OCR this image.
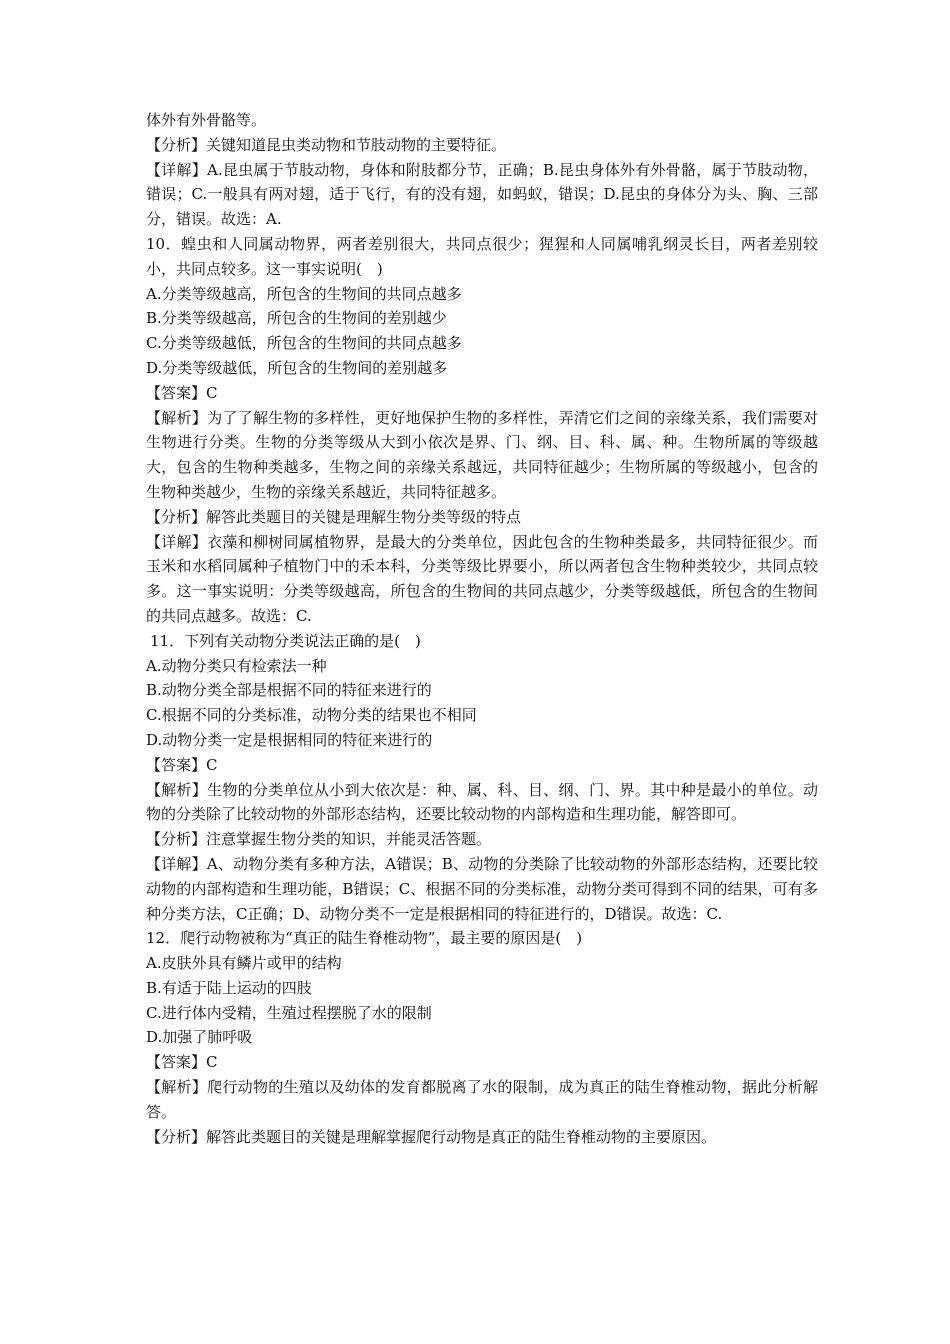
体外有外骨骼等。

【分析】关键知道昆虫类动物和节肢动物的主要特征。

【详解】A.昆虫属于节肢动物，身体和附肢都分节，正确；B.昆虫身体外有外骨骼，属于节肢动物，错误；C.一般具有两对翅，适于飞行，有的没有翅，如蚂蚁，错误；D.昆虫的身体分为头、胸、三部分，错误。故选：A.

10．蝗虫和人同属动物界，两者差别很大，共同点很少；猩猩和人同属哺乳纲灵长目，两者差别较小，共同点较多。这一事实说明(　)

A.分类等级越高，所包含的生物间的共同点越多

B.分类等级越高，所包含的生物间的差别越少

C.分类等级越低，所包含的生物间的共同点越多

D.分类等级越低，所包含的生物间的差别越多

【答案】C

【解析】为了了解生物的多样性，更好地保护生物的多样性，弄清它们之间的亲缘关系，我们需要对生物进行分类。生物的分类等级从大到小依次是界、门、纲、目、科、属、种。生物所属的等级越大，包含的生物种类越多，生物之间的亲缘关系越远，共同特征越少；生物所属的等级越小，包含的生物种类越少，生物的亲缘关系越近，共同特征越多。

【分析】解答此类题目的关键是理解生物分类等级的特点

【详解】衣藻和柳树同属植物界，是最大的分类单位，因此包含的生物种类最多，共同特征很少。而玉米和水稻同属种子植物门中的禾本科，分类等级比界要小，所以两者包含生物种类较少，共同点较多。这一事实说明：分类等级越高，所包含的生物间的共同点越少，分类等级越低，所包含的生物间的共同点越多。故选：C.

11．下列有关动物分类说法正确的是(　)

A.动物分类只有检索法一种

B.动物分类全部是根据不同的特征来进行的

C.根据不同的分类标准，动物分类的结果也不相同

D.动物分类一定是根据相同的特征来进行的

【答案】C

【解析】生物的分类单位从小到大依次是：种、属、科、目、纲、门、界。其中种是最小的单位。动物的分类除了比较动物的外部形态结构，还要比较动物的内部构造和生理功能，解答即可。

【分析】注意掌握生物分类的知识，并能灵活答题。

【详解】A、动物分类有多种方法，A错误；B、动物的分类除了比较动物的外部形态结构，还要比较动物的内部构造和生理功能，B错误；C、根据不同的分类标准，动物分类可得到不同的结果，可有多种分类方法，C正确；D、动物分类不一定是根据相同的特征进行的，D错误。故选：C.

12．爬行动物被称为“真正的陆生脊椎动物”，最主要的原因是(　)

A.皮肤外具有鳞片或甲的结构

B.有适于陆上运动的四肢

C.进行体内受精，生殖过程摆脱了水的限制

D.加强了肺呼吸

【答案】C

【解析】爬行动物的生殖以及幼体的发育都脱离了水的限制，成为真正的陆生脊椎动物，据此分析解答。

【分析】解答此类题目的关键是理解掌握爬行动物是真正的陆生脊椎动物的主要原因。
